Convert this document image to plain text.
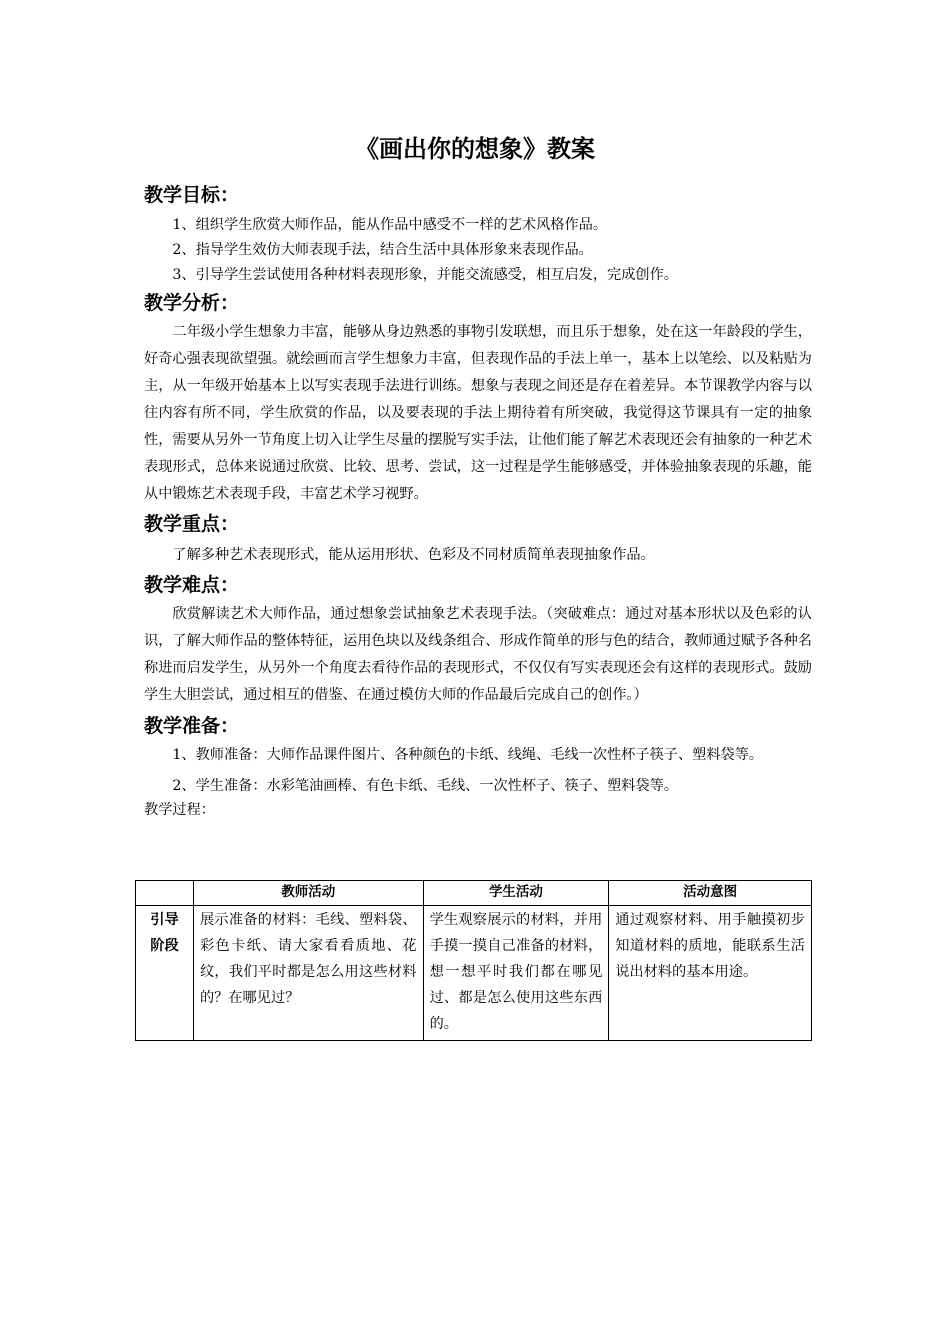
《画出你的想象》教案
教学目标：

1、组织学生欣赏大师作品，能从作品中感受不一样的艺术风格作品。

2、指导学生效仿大师表现手法，结合生活中具体形象来表现作品。

3、引导学生尝试使用各种材料表现形象，并能交流感受，相互启发，完成创作。

教学分析：

二年级小学生想象力丰富，能够从身边熟悉的事物引发联想，而且乐于想象，处在这一年龄段的学生，好奇心强表现欲望强。就绘画而言学生想象力丰富，但表现作品的手法上单一，基本上以笔绘、以及粘贴为主，从一年级开始基本上以写实表现手法进行训练。想象与表现之间还是存在着差异。本节课教学内容与以往内容有所不同，学生欣赏的作品，以及要表现的手法上期待着有所突破，我觉得这节课具有一定的抽象性，需要从另外一节角度上切入让学生尽量的摆脱写实手法，让他们能了解艺术表现还会有抽象的一种艺术表现形式，总体来说通过欣赏、比较、思考、尝试，这一过程是学生能够感受，并体验抽象表现的乐趣，能从中锻炼艺术表现手段，丰富艺术学习视野。

教学重点：

了解多种艺术表现形式，能从运用形状、色彩及不同材质简单表现抽象作品。

教学难点：

欣赏解读艺术大师作品，通过想象尝试抽象艺术表现手法。（突破难点：通过对基本形状以及色彩的认识，了解大师作品的整体特征，运用色块以及线条组合、形成作简单的形与色的结合，教师通过赋予各种名称进而启发学生，从另外一个角度去看待作品的表现形式，不仅仅有写实表现还会有这样的表现形式。鼓励学生大胆尝试，通过相互的借鉴、在通过模仿大师的作品最后完成自己的创作。）

教学准备：

1、教师准备：大师作品课件图片、各种颜色的卡纸、线绳、毛线一次性杯子筷子、塑料袋等。

2、学生准备：水彩笔油画棒、有色卡纸、毛线、一次性杯子、筷子、塑料袋等。

教学过程：

	教师活动	学生活动	活动意图
引导阶段	展示准备的材料：毛线、塑料袋、彩色卡纸、请大家看看质地、花纹，我们平时都是怎么用这些材料的？在哪见过？	学生观察展示的材料，并用手摸一摸自己准备的材料，想一想平时我们都在哪见过、都是怎么使用这些东西的。	通过观察材料、用手触摸初步知道材料的质地，能联系生活说出材料的基本用途。
